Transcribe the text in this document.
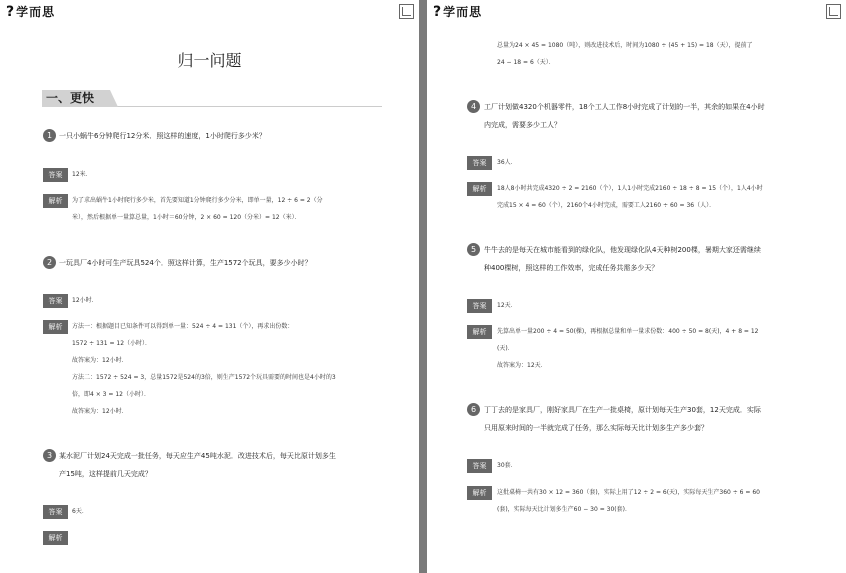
?学而思
归一问题
一、更快
1 一只小蜗牛6分钟爬行12分米．照这样的速度，1小时爬行多少米？
答案	12米．
解析	为了求出蜗牛1小时爬行多少米，首先要知道1分钟爬行多少分米，即单一量，12 ÷ 6 = 2（分
米），然后根据单一量算总量，1小时＝60分钟，2 × 60 = 120（分米）= 12（米）．
2 一玩具厂4小时可生产玩具524个．照这样计算，生产1572个玩具，要多少小时？
答案	12小时．
解析	方法一：根据题目已知条件可以得到单一量：524 ÷ 4 = 131（个），再求出份数：
1572 ÷ 131 = 12（小时）．
故答案为：12小时．
方法二：1572 ÷ 524 = 3，总量1572是524的3倍，则生产1572个玩具需要的时间也是4小时的3
倍，即4 × 3 = 12（小时）．
故答案为：12小时．
3 某水泥厂计划24天完成一批任务，每天应生产45吨水泥．改进技术后，每天比原计划多生
产15吨，这样提前几天完成？
答案	6天．
解析
?学而思
总量为24 × 45 = 1080（吨），则改进技术后，时间为1080 ÷ (45 + 15) = 18（天），提前了
24 − 18 = 6（天）．
4	工厂计划做4320个机器零件，18个工人工作8小时完成了计划的一半，其余的如果在4小时
内完成，需要多少工人？
答案	36人．
解析	18人8小时共完成4320 ÷ 2 = 2160（个），1人1小时完成2160 ÷ 18 ÷ 8 = 15（个），1人4小时
完成15 × 4 = 60（个），2160个4小时完成，需要工人2160 ÷ 60 = 36（人）．
5	牛牛去的是每天在城市能看到的绿化队，他发现绿化队4天种树200棵，暑期大家还需继续
种400棵树，照这样的工作效率，完成任务共需多少天？
答案	12天．
解析	先算出单一量200 ÷ 4 = 50(棵)，再根据总量和单一量求份数：400 ÷ 50 = 8(天)，4 + 8 = 12
(天)．
故答案为：12天．
6	丁丁去的是家具厂，刚好家具厂在生产一批桌椅，原计划每天生产30套，12天完成．实际
只用原来时间的一半就完成了任务，那么实际每天比计划多生产多少套？
答案	30套．
解析	这批桌椅一共有30 × 12 = 360（套)，实际上用了12 ÷ 2 = 6(天)，实际每天生产360 ÷ 6 = 60
(套)，实际每天比计划多生产60 − 30 = 30(套)．
